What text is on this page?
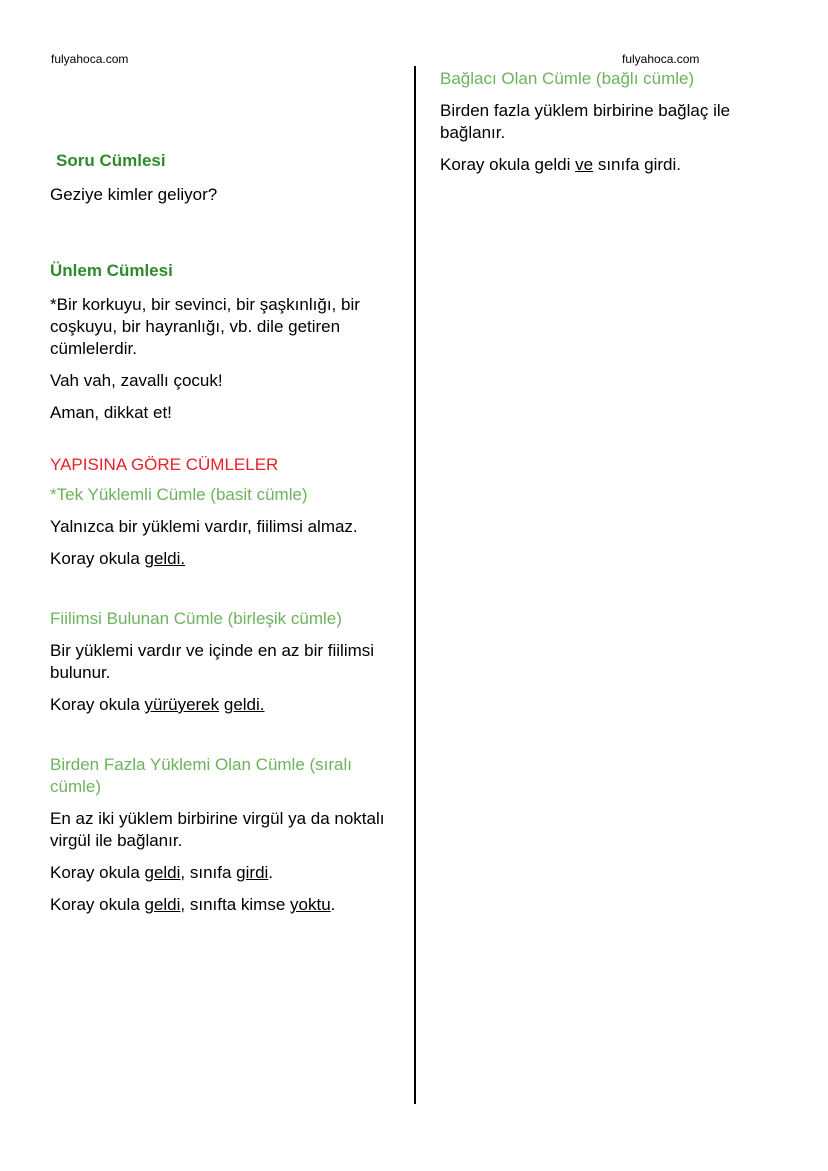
fulyahoca.com	fulyahoca.com
Soru Cümlesi

Geziye kimler geliyor?

Ünlem Cümlesi

*Bir korkuyu, bir sevinci, bir şaşkınlığı, bir coşkuyu, bir hayranlığı, vb. dile getiren cümlelerdir.

Vah vah, zavallı çocuk!

Aman, dikkat et!

YAPISINA GÖRE CÜMLELER
*Tek Yüklemli Cümle (basit cümle)

Yalnızca bir yüklemi vardır, fiilimsi almaz.

Koray okula geldi.

Fiilimsi Bulunan Cümle (birleşik cümle)

Bir yüklemi vardır ve içinde en az bir fiilimsi bulunur.

Koray okula yürüyerek geldi.

Birden Fazla Yüklemi Olan Cümle (sıralı cümle)

En az iki yüklem birbirine virgül ya da noktalı virgül ile bağlanır.

Koray okula geldi, sınıfa girdi.

Koray okula geldi, sınıfta kimse yoktu.

Bağlacı Olan Cümle (bağlı cümle)

Birden fazla yüklem birbirine bağlaç ile bağlanır.

Koray okula geldi ve sınıfa girdi.
